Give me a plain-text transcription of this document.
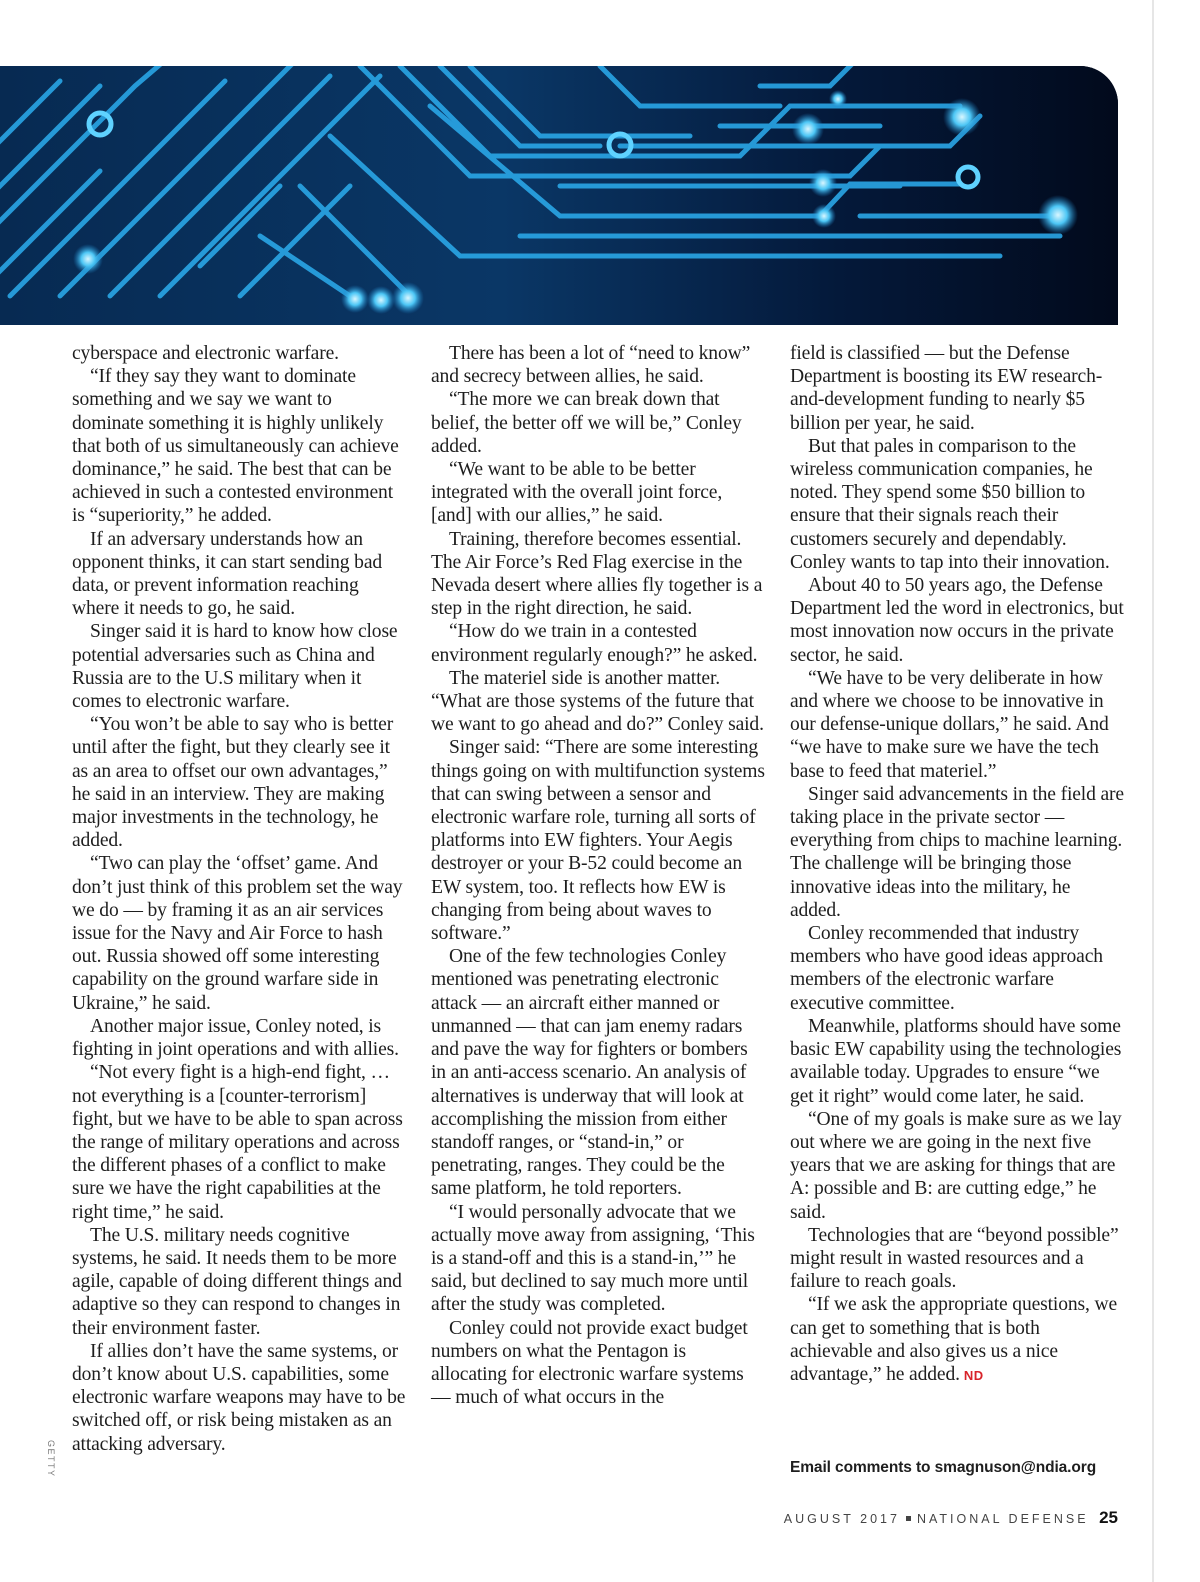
cyberspace and electronic warfare.

“If they say they want to dominate something and we say we want to dominate something it is highly unlikely that both of us simultaneously can achieve dominance,” he said. The best that can be achieved in such a contested environment is “superiority,” he added.

If an adversary understands how an opponent thinks, it can start sending bad data, or prevent information reaching where it needs to go, he said.

Singer said it is hard to know how close potential adversaries such as China and Russia are to the U.S military when it comes to electronic warfare.

“You won’t be able to say who is better until after the fight, but they clearly see it as an area to offset our own advantages,” he said in an interview. They are making major investments in the technology, he added.

“Two can play the ‘offset’ game. And don’t just think of this problem set the way we do — by framing it as an air services issue for the Navy and Air Force to hash out. Russia showed off some interesting capability on the ground warfare side in Ukraine,” he said.

Another major issue, Conley noted, is fighting in joint operations and with allies.

“Not every fight is a high-end fight, … not everything is a [counter-terrorism] fight, but we have to be able to span across the range of military operations and across the different phases of a conflict to make sure we have the right capabilities at the right time,” he said.

The U.S. military needs cognitive systems, he said. It needs them to be more agile, capable of doing different things and adaptive so they can respond to changes in their environment faster.

If allies don’t have the same systems, or don’t know about U.S. capabilities, some electronic warfare weapons may have to be switched off, or risk being mistaken as an attacking adversary.

There has been a lot of “need to know” and secrecy between allies, he said.

“The more we can break down that belief, the better off we will be,” Conley added.

“We want to be able to be better integrated with the overall joint force, [and] with our allies,” he said.

Training, therefore becomes essential. The Air Force’s Red Flag exercise in the Nevada desert where allies fly together is a step in the right direction, he said.

“How do we train in a contested environment regularly enough?” he asked.

The materiel side is another matter. “What are those systems of the future that we want to go ahead and do?” Conley said.

Singer said: “There are some interesting things going on with multifunction systems that can swing between a sensor and electronic warfare role, turning all sorts of platforms into EW fighters. Your Aegis destroyer or your B-52 could become an EW system, too. It reflects how EW is changing from being about waves to software.”

One of the few technologies Conley mentioned was penetrating electronic attack — an aircraft either manned or unmanned — that can jam enemy radars and pave the way for fighters or bombers in an anti-access scenario. An analysis of alternatives is underway that will look at accomplishing the mission from either standoff ranges, or “stand-in,” or penetrating, ranges. They could be the same platform, he told reporters.

“I would personally advocate that we actually move away from assigning, ‘This is a stand-off and this is a stand-in,’” he said, but declined to say much more until after the study was completed.

Conley could not provide exact budget numbers on what the Pentagon is allocating for electronic warfare systems — much of what occurs in the

field is classified — but the Defense Department is boosting its EW research-and-development funding to nearly $5 billion per year, he said.

But that pales in comparison to the wireless communication companies, he noted. They spend some $50 billion to ensure that their signals reach their customers securely and dependably. Conley wants to tap into their innovation.

About 40 to 50 years ago, the Defense Department led the word in electronics, but most innovation now occurs in the private sector, he said.

“We have to be very deliberate in how and where we choose to be innovative in our defense-unique dollars,” he said. And “we have to make sure we have the tech base to feed that materiel.”

Singer said advancements in the field are taking place in the private sector — everything from chips to machine learning. The challenge will be bringing those innovative ideas into the military, he added.

Conley recommended that industry members who have good ideas approach members of the electronic warfare executive committee.

Meanwhile, platforms should have some basic EW capability using the technologies available today. Upgrades to ensure “we get it right” would come later, he said.

“One of my goals is make sure as we lay out where we are going in the next five years that we are asking for things that are A: possible and B: are cutting edge,” he said.

Technologies that are “beyond possible” might result in wasted resources and a failure to reach goals.

“If we ask the appropriate questions, we can get to something that is both achievable and also gives us a nice advantage,” he added. ND

Email comments to smagnuson@ndia.org
GETTY
AUGUST 2017 NATIONAL DEFENSE 25
